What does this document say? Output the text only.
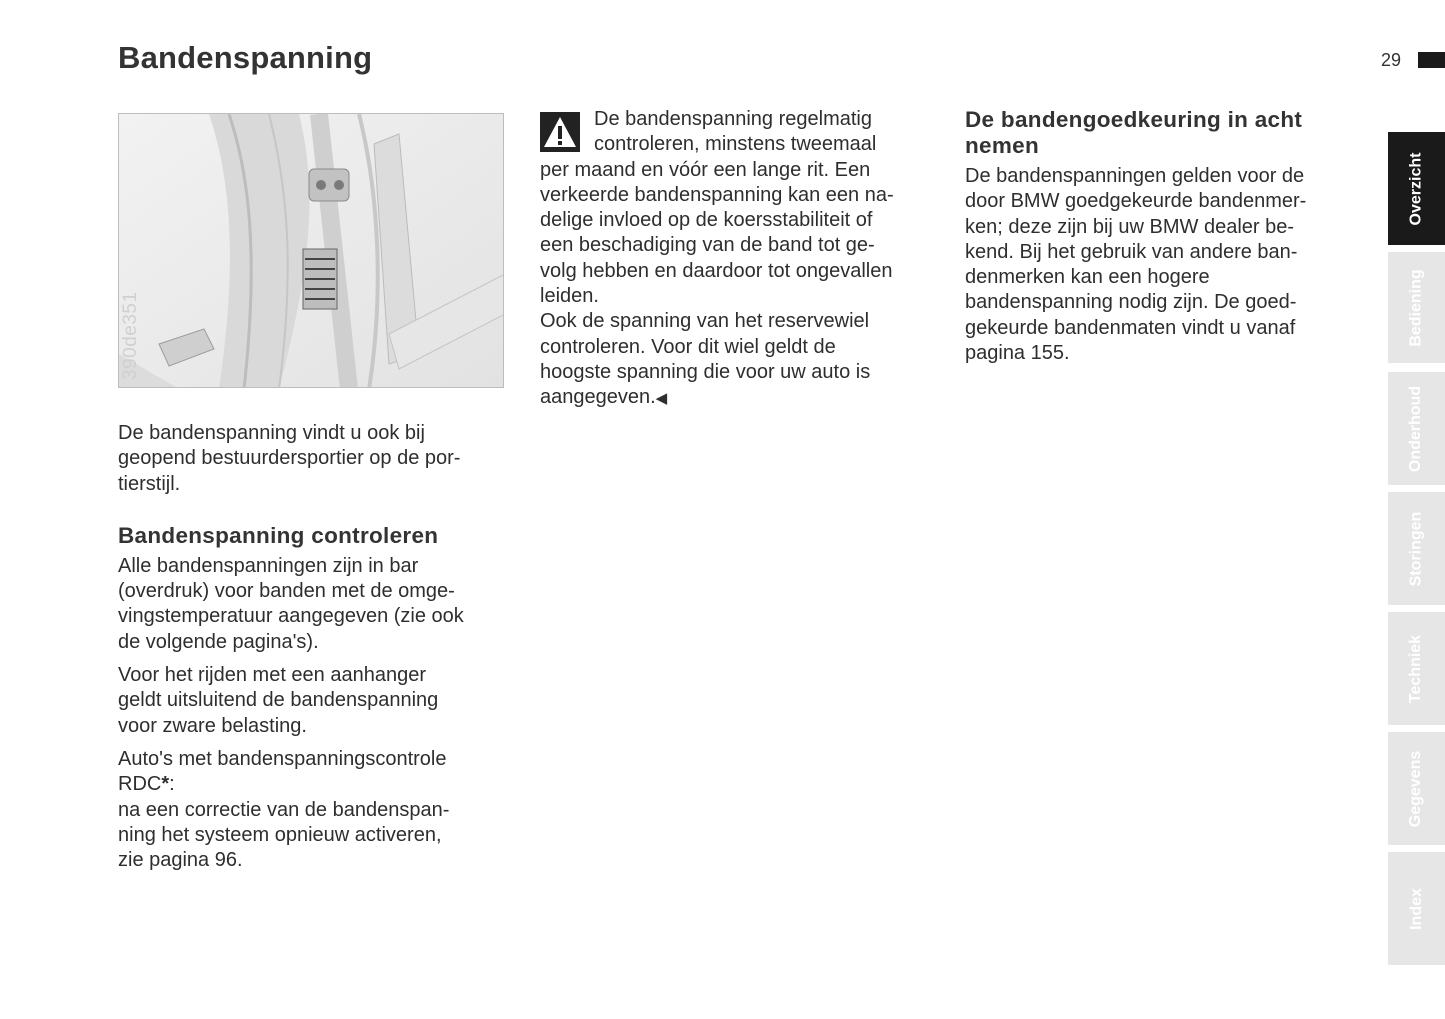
Bandenspanning	29
390de351

De bandenspanning vindt u ook bij
geopend bestuurdersportier op de por-
tierstijl.

Bandenspanning controleren

Alle bandenspanningen zijn in bar
(overdruk) voor banden met de omge-
vingstemperatuur aangegeven (zie ook
de volgende pagina's).

Voor het rijden met een aanhanger
geldt uitsluitend de bandenspanning
voor zware belasting.

Auto's met bandenspanningscontrole
RDC*:
na een correctie van de bandenspan-
ning het systeem opnieuw activeren,
zie pagina 96.

De bandenspanning regelmatig
controleren, minstens tweemaal
per maand en vóór een lange rit. Een
verkeerde bandenspanning kan een na-
delige invloed op de koersstabiliteit of
een beschadiging van de band tot ge-
volg hebben en daardoor tot ongevallen
leiden.

Ook de spanning van het reservewiel
controleren. Voor dit wiel geldt de
hoogste spanning die voor uw auto is
aangegeven.◀

De bandengoedkeuring in acht
nemen

De bandenspanningen gelden voor de
door BMW goedgekeurde bandenmer-
ken; deze zijn bij uw BMW dealer be-
kend. Bij het gebruik van andere ban-
denmerken kan een hogere
bandenspanning nodig zijn. De goed-
gekeurde bandenmaten vindt u vanaf
pagina 155.

Overzicht
Bediening
Onderhoud
Storingen
Techniek
Gegevens
Index
